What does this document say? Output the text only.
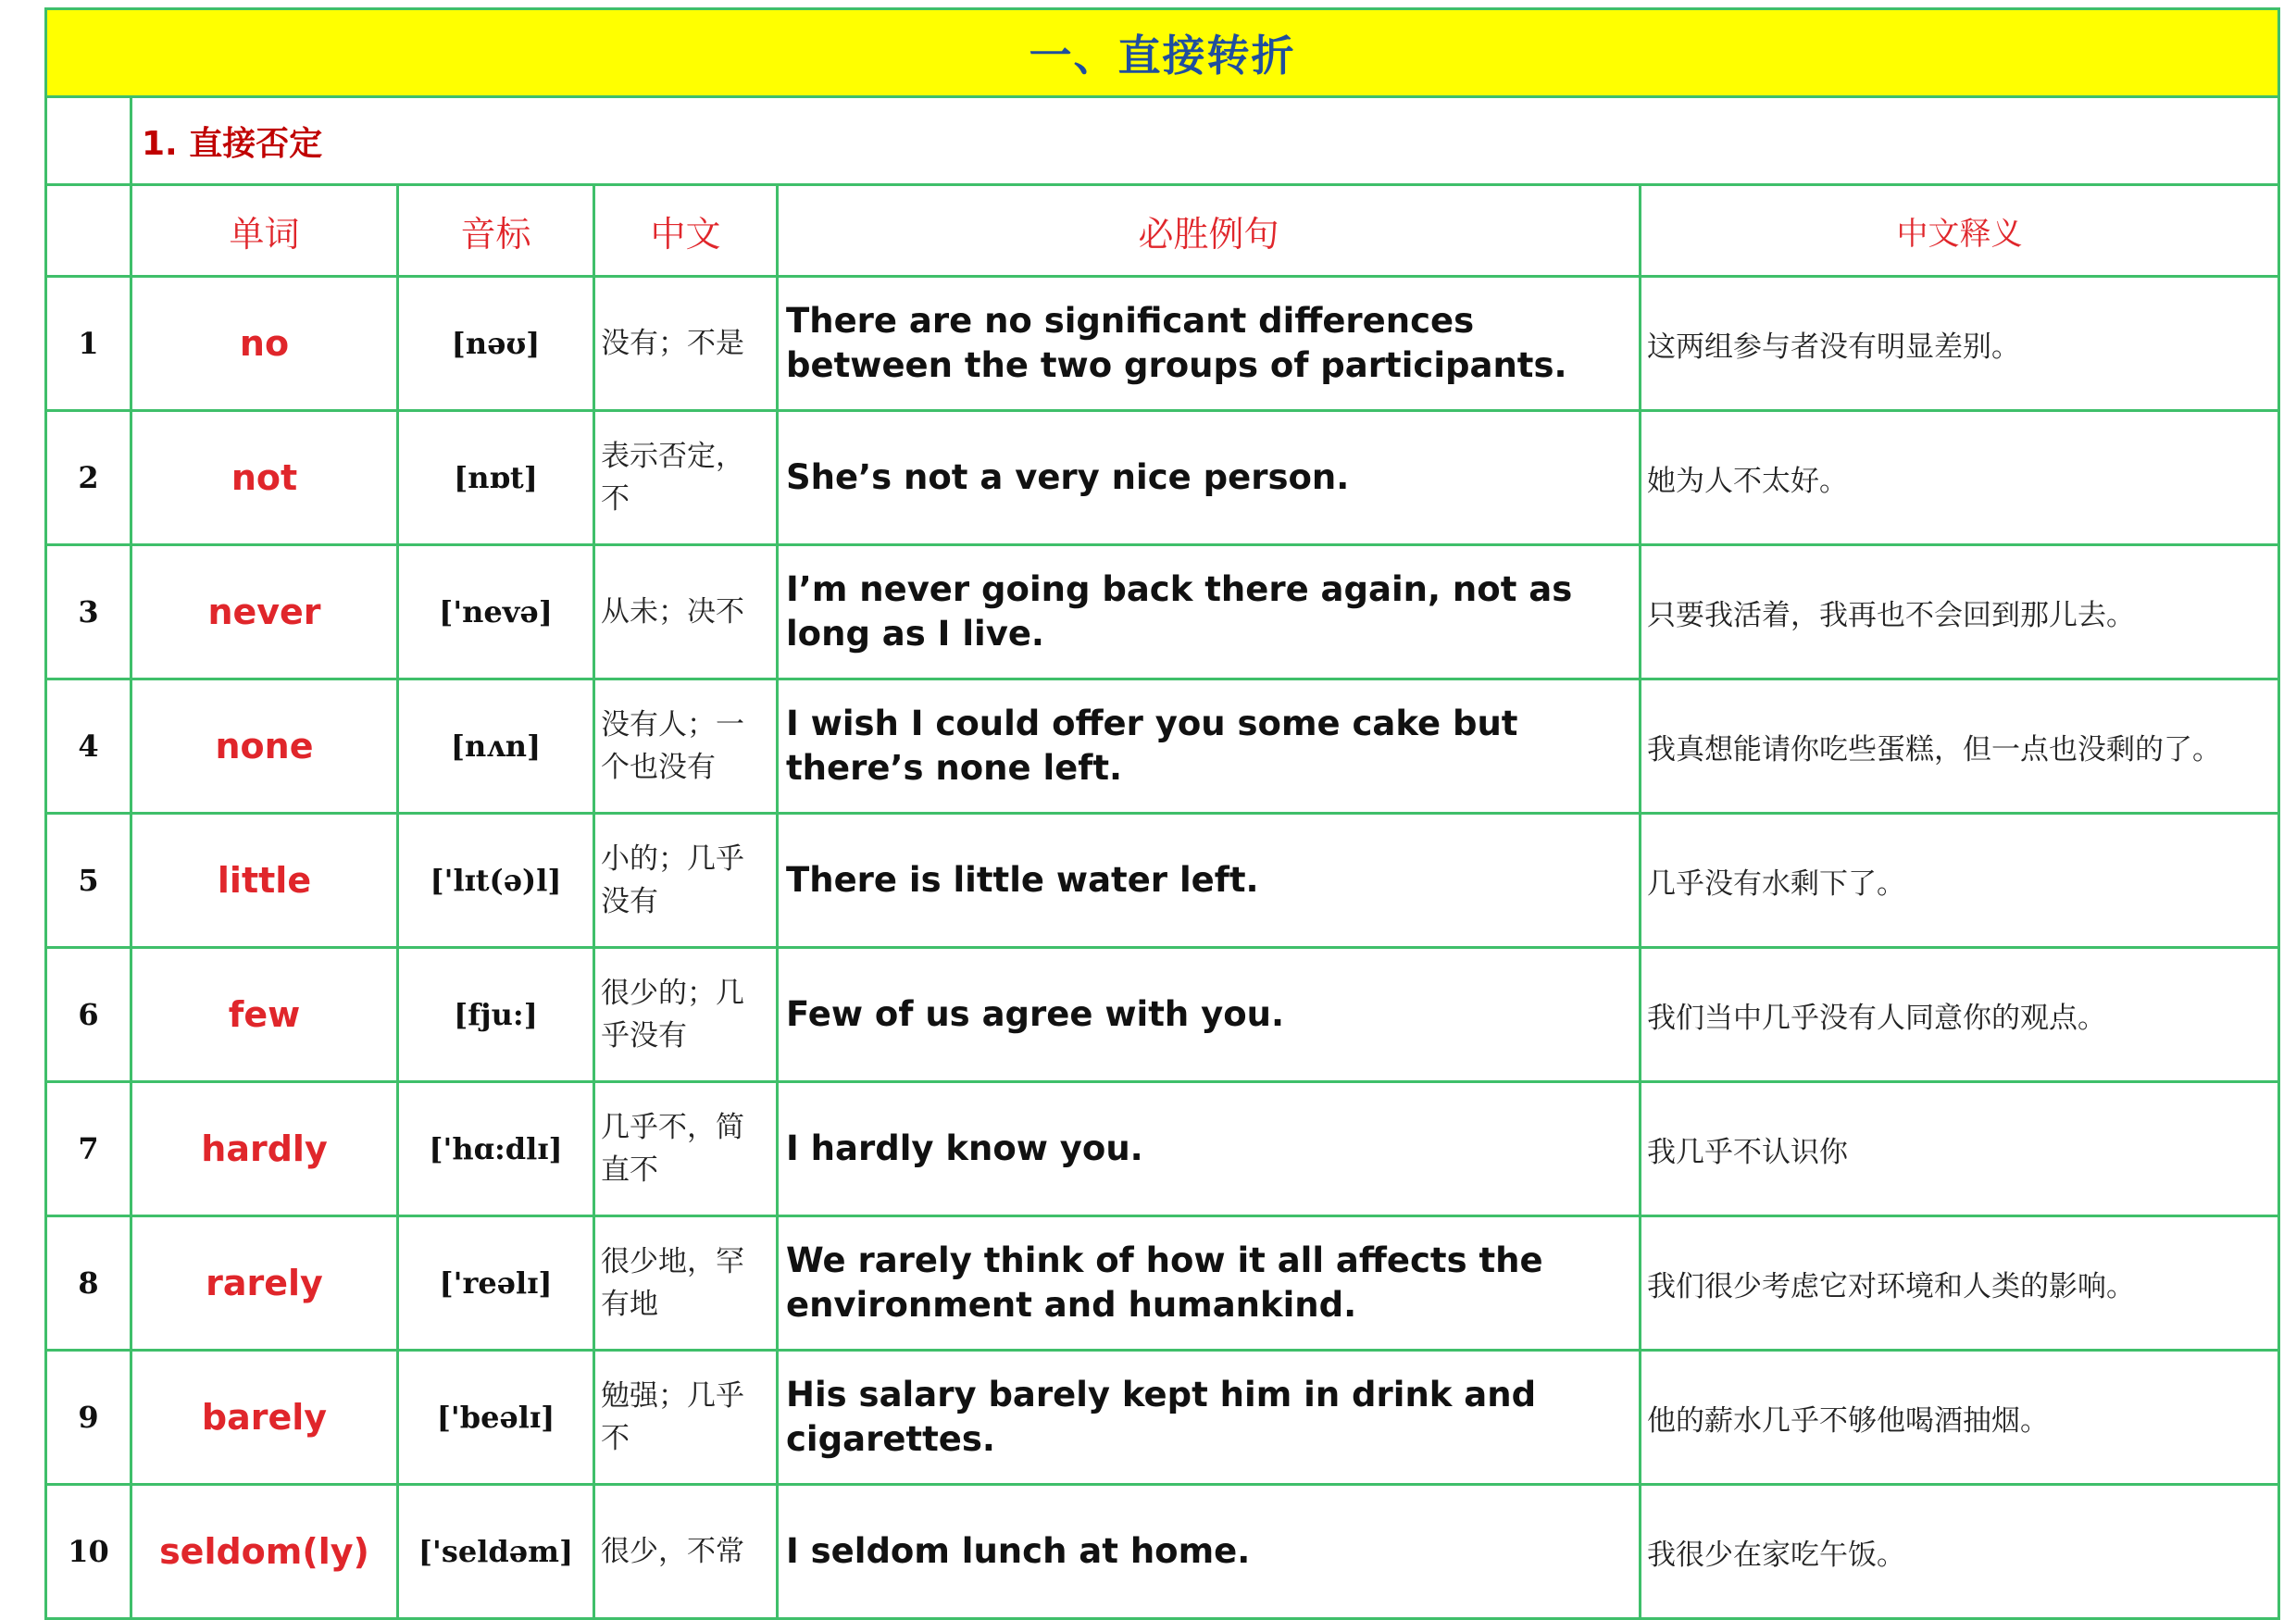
一、直接转折					
	1. 直接否定				
	单词	音标	中文	必胜例句	中文释义
1	no	[nəʊ]	没有；不是	There are no significant differences between the two groups of participants.	这两组参与者没有明显差别。
2	not	[nɒt]	表示否定，不	She’s not a very nice person.	她为人不太好。
3	never	['nevə]	从未；决不	I’m never going back there again, not as long as I live.	只要我活着，我再也不会回到那儿去。
4	none	[nʌn]	没有人；一个也没有	I wish I could offer you some cake but there’s none left.	我真想能请你吃些蛋糕，但一点也没剩的了。
5	little	['lɪt(ə)l]	小的；几乎没有	There is little water left.	几乎没有水剩下了。
6	few	[fju:]	很少的；几乎没有	Few of us agree with you.	我们当中几乎没有人同意你的观点。
7	hardly	['hɑ:dlɪ]	几乎不，简直不	I hardly know you.	我几乎不认识你
8	rarely	['reəlɪ]	很少地，罕有地	We rarely think of how it all affects the environment and humankind.	我们很少考虑它对环境和人类的影响。
9	barely	['beəlɪ]	勉强；几乎不	His salary barely kept him in drink and cigarettes.	他的薪水几乎不够他喝酒抽烟。
10	seldom(ly)	['seldəm]	很少，不常	I seldom lunch at home.	我很少在家吃午饭。
